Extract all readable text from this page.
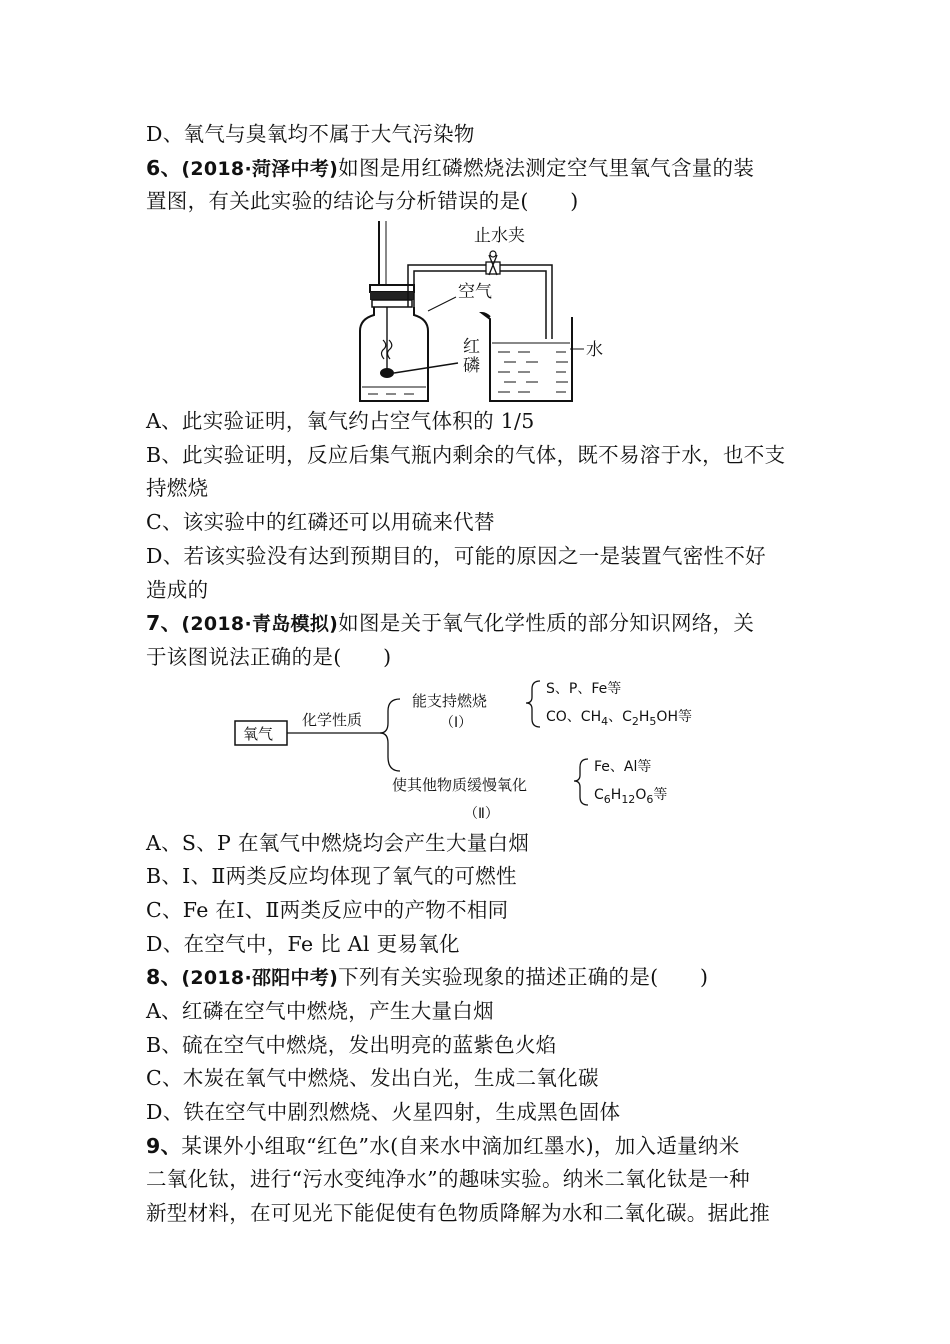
D、氧气与臭氧均不属于大气污染物
6、(2018·菏泽中考)如图是用红磷燃烧法测定空气里氧气含量的装
置图，有关此实验的结论与分析错误的是(　　)
止水夹
空气
红
磷
水
A、此实验证明，氧气约占空气体积的 1/5
B、此实验证明，反应后集气瓶内剩余的气体，既不易溶于水，也不支
持燃烧
C、该实验中的红磷还可以用硫来代替
D、若该实验没有达到预期目的，可能的原因之一是装置气密性不好
造成的
7、(2018·青岛模拟)如图是关于氧气化学性质的部分知识网络，关
于该图说法正确的是(　　)
氧气
化学性质
能支持燃烧
（Ⅰ）
使其他物质缓慢氧化
（Ⅱ）
S、P、Fe等
CO、$CH_4$、$C_2H_5OH$等
Fe、Al等
$C_6H_{12}O_6$等
A、S、P 在氧气中燃烧均会产生大量白烟
B、Ⅰ、Ⅱ两类反应均体现了氧气的可燃性
C、Fe 在Ⅰ、Ⅱ两类反应中的产物不相同
D、在空气中，Fe 比 Al 更易氧化
8、(2018·邵阳中考)下列有关实验现象的描述正确的是(　　)
A、红磷在空气中燃烧，产生大量白烟
B、硫在空气中燃烧，发出明亮的蓝紫色火焰
C、木炭在氧气中燃烧、发出白光，生成二氧化碳
D、铁在空气中剧烈燃烧、火星四射，生成黑色固体
9、某课外小组取“红色”水(自来水中滴加红墨水)，加入适量纳米
二氧化钛，进行“污水变纯净水”的趣味实验。纳米二氧化钛是一种
新型材料，在可见光下能促使有色物质降解为水和二氧化碳。据此推
